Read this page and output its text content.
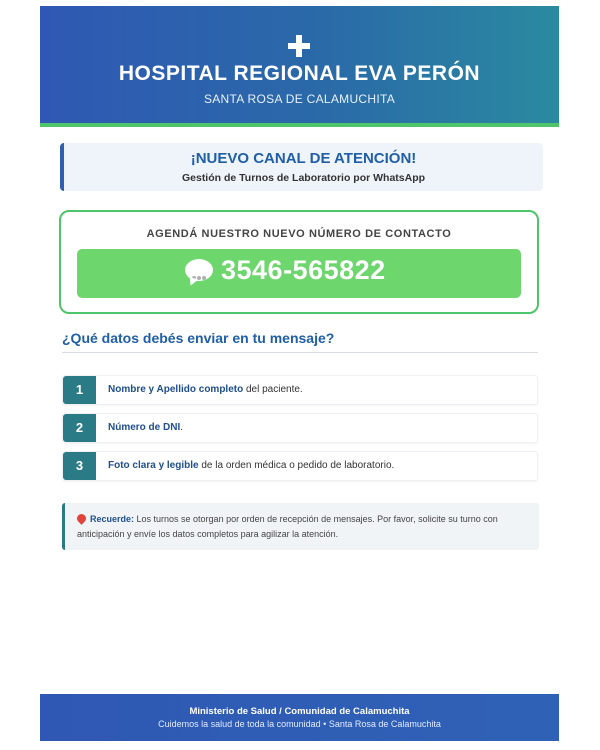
HOSPITAL REGIONAL EVA PERÓN
SANTA ROSA DE CALAMUCHITA
¡NUEVO CANAL DE ATENCIÓN!
Gestión de Turnos de Laboratorio por WhatsApp
AGENDÁ NUESTRO NUEVO NÚMERO DE CONTACTO
3546-565822
¿Qué datos debés enviar en tu mensaje?
1	Nombre y Apellido completo del paciente.
2	Número de DNI.
3	Foto clara y legible de la orden médica o pedido de laboratorio.
Recuerde: Los turnos se otorgan por orden de recepción de mensajes. Por favor, solicite su turno con anticipación y envíe los datos completos para agilizar la atención.
Ministerio de Salud / Comunidad de Calamuchita
Cuidemos la salud de toda la comunidad • Santa Rosa de Calamuchita
